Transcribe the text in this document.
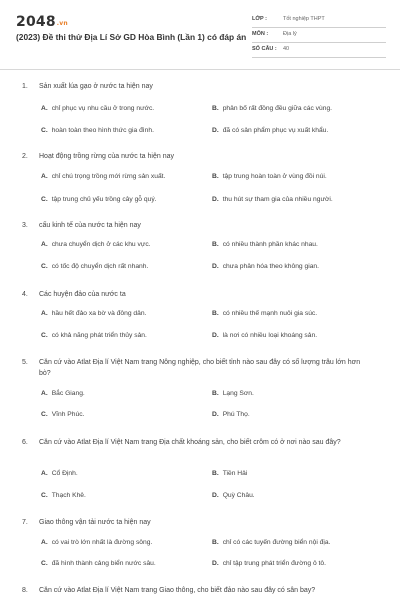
2048.vn
(2023) Đề thi thử Địa Lí Sở GD Hòa Bình (Lần 1) có đáp án
LỚP :	Tốt nghiệp THPT
MÔN :	Địa lý
SỐ CÂU : 40
1. Sản xuất lúa gạo ở nước ta hiện nay
A. chỉ phục vụ nhu cầu ở trong nước.	B. phân bố rất đồng đều giữa các vùng.
C. hoàn toàn theo hình thức gia đình.	D. đã có sản phẩm phục vụ xuất khẩu.
2. Hoạt động trồng rừng của nước ta hiện nay
A. chỉ chú trọng trồng mới rừng sản xuất.	B. tập trung hoàn toàn ở vùng đồi núi.
C. tập trung chủ yếu trồng cây gỗ quý.	D. thu hút sự tham gia của nhiều người.
3. cấu kinh tế của nước ta hiện nay
A. chưa chuyển dịch ở các khu vực.	B. có nhiều thành phần khác nhau.
C. có tốc độ chuyển dịch rất nhanh.	D. chưa phân hóa theo không gian.
4. Các huyện đảo của nước ta
A. hầu hết đảo xa bờ và đông dân.	B. có nhiều thế mạnh nuôi gia súc.
C. có khả năng phát triển thủy sản.	D. là nơi có nhiều loại khoáng sản.
5. Căn cứ vào Atlat Địa lí Việt Nam trang Nông nghiệp, cho biết tỉnh nào sau đây có số lượng trâu lớn hơn bò?
A. Bắc Giang.	B. Lạng Sơn.
C. Vĩnh Phúc.	D. Phú Thọ.
6. Căn cứ vào Atlat Địa lí Việt Nam trang Địa chất khoáng sản, cho biết crôm có ở nơi nào sau đây?
A. Cổ Định.	B. Tiền Hải
C. Thạch Khê.	D. Quỳ Châu.
7. Giao thông vận tải nước ta hiện nay
A. có vai trò lớn nhất là đường sông.	B. chỉ có các tuyến đường biển nội địa.
C. đã hình thành cảng biển nước sâu.	D. chỉ tập trung phát triển đường ô tô.
8. Căn cứ vào Atlat Địa lí Việt Nam trang Giao thông, cho biết đảo nào sau đây có sân bay?
